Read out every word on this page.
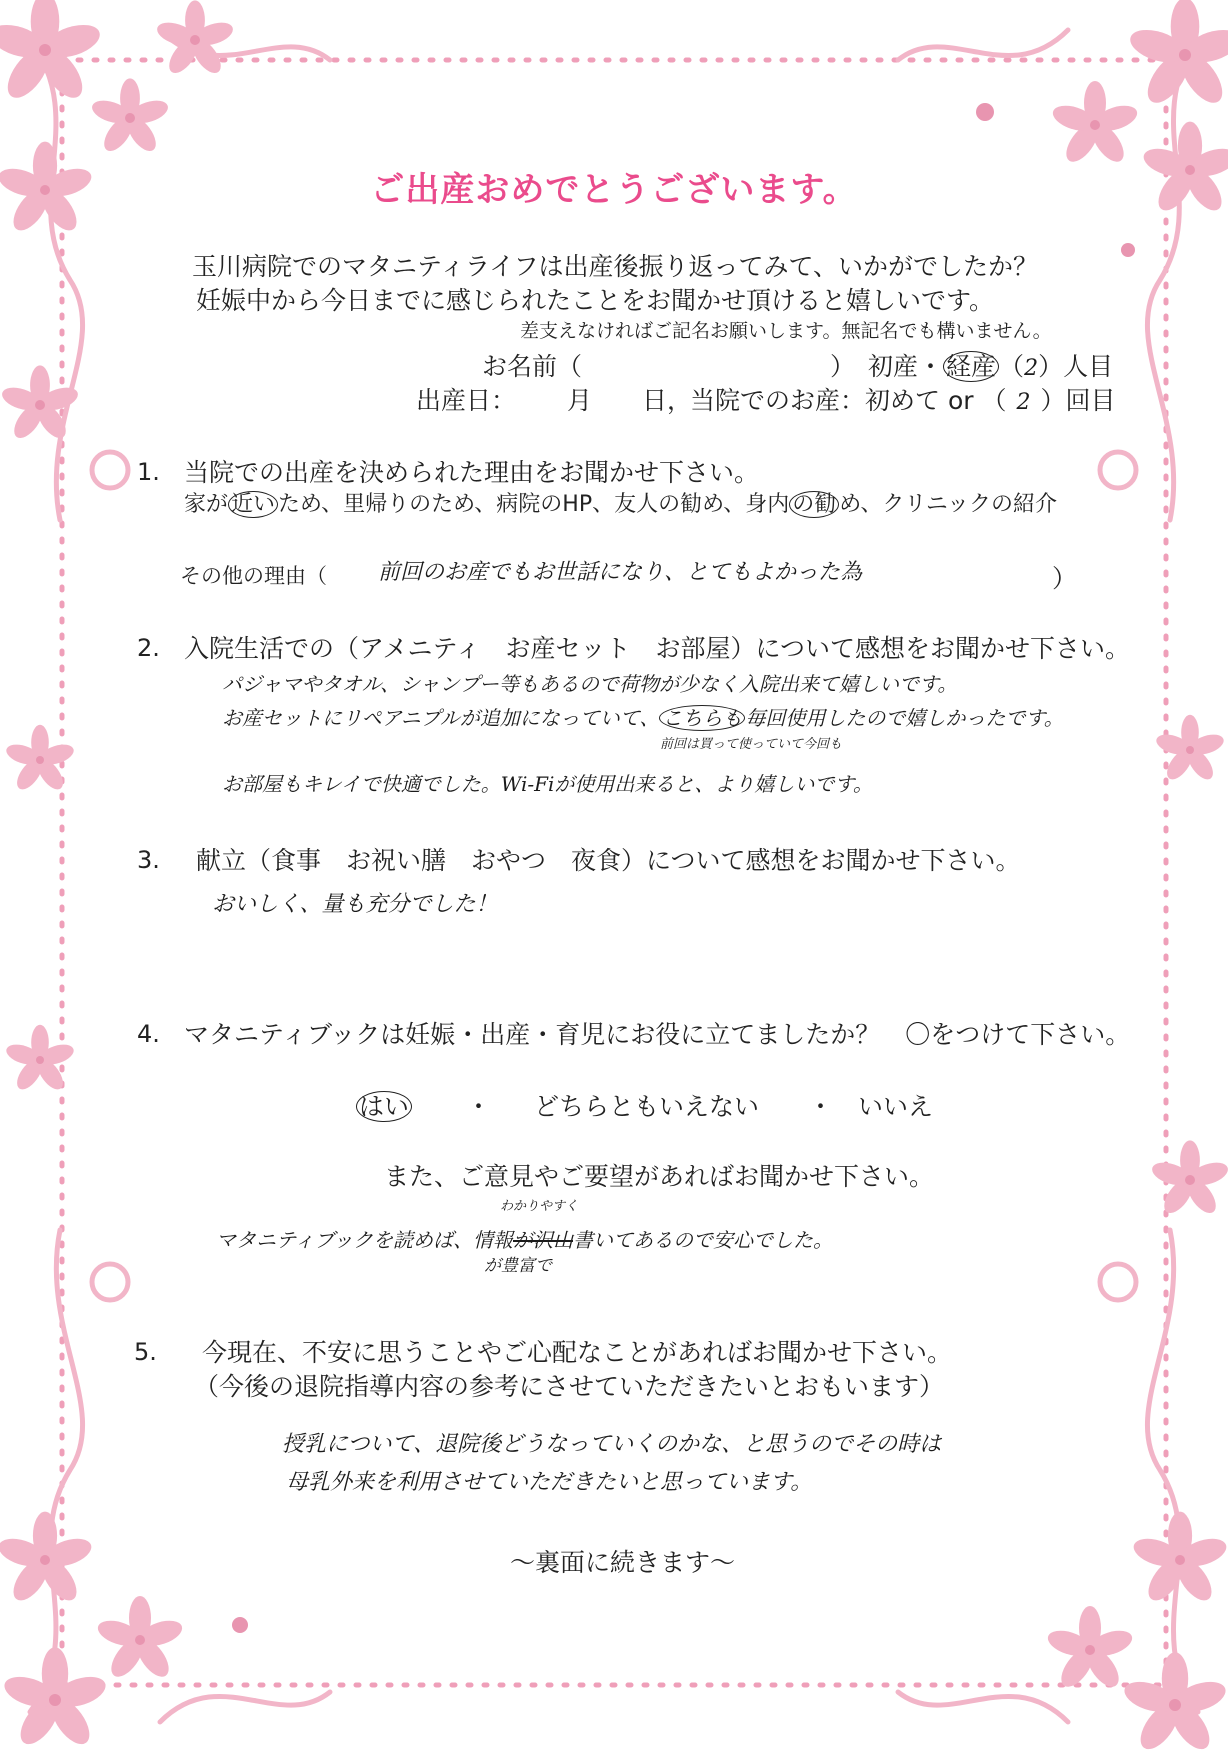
ご出産おめでとうございます。
玉川病院でのマタニティライフは出産後振り返ってみて、いかがでしたか？
妊娠中から今日までに感じられたことをお聞かせ頂けると嬉しいです。
差支えなければご記名お願いします。無記名でも構いません。
お名前（	） 初産・ 経産 （2）人目
出産日： 月 日，
当院でのお産：初めて or （ 2 ）回目
1. 当院での出産を決められた理由をお聞かせ下さい。
家が 近い ため、里帰りのため、病院のHP、友人の勧め、身内 の勧 め、クリニックの紹介
その他の理由（ 前回のお産でもお世話になり、とてもよかった為	）
2. 入院生活での（アメニティ　お産セット　お部屋）について感想をお聞かせ下さい。
パジャマやタオル、シャンプー等もあるので荷物が少なく入院出来て嬉しいです。
お産セットにリペアニプルが追加になっていて、 こちらも 毎回使用したので嬉しかったです。
前回は買って使っていて今回も
お部屋もキレイで快適でした。Wi-Fiが使用出来ると、より嬉しいです。
3. 献立（食事　お祝い膳　おやつ　夜食）について感想をお聞かせ下さい。
おいしく、量も充分でした！
4. マタニティブックは妊娠・出産・育児にお役に立てましたか？　〇をつけて下さい。
はい ・ どちらともいえない ・ いいえ
また、ご意見やご要望があればお聞かせ下さい。
わかりやすく
マタニティブックを読めば、情報が沢山書いてあるので安心でした。
が豊富で
5. 今現在、不安に思うことやご心配なことがあればお聞かせ下さい。
（今後の退院指導内容の参考にさせていただきたいとおもいます）
授乳について、退院後どうなっていくのかな、と思うのでその時は
母乳外来を利用させていただきたいと思っています。
～裏面に続きます～
